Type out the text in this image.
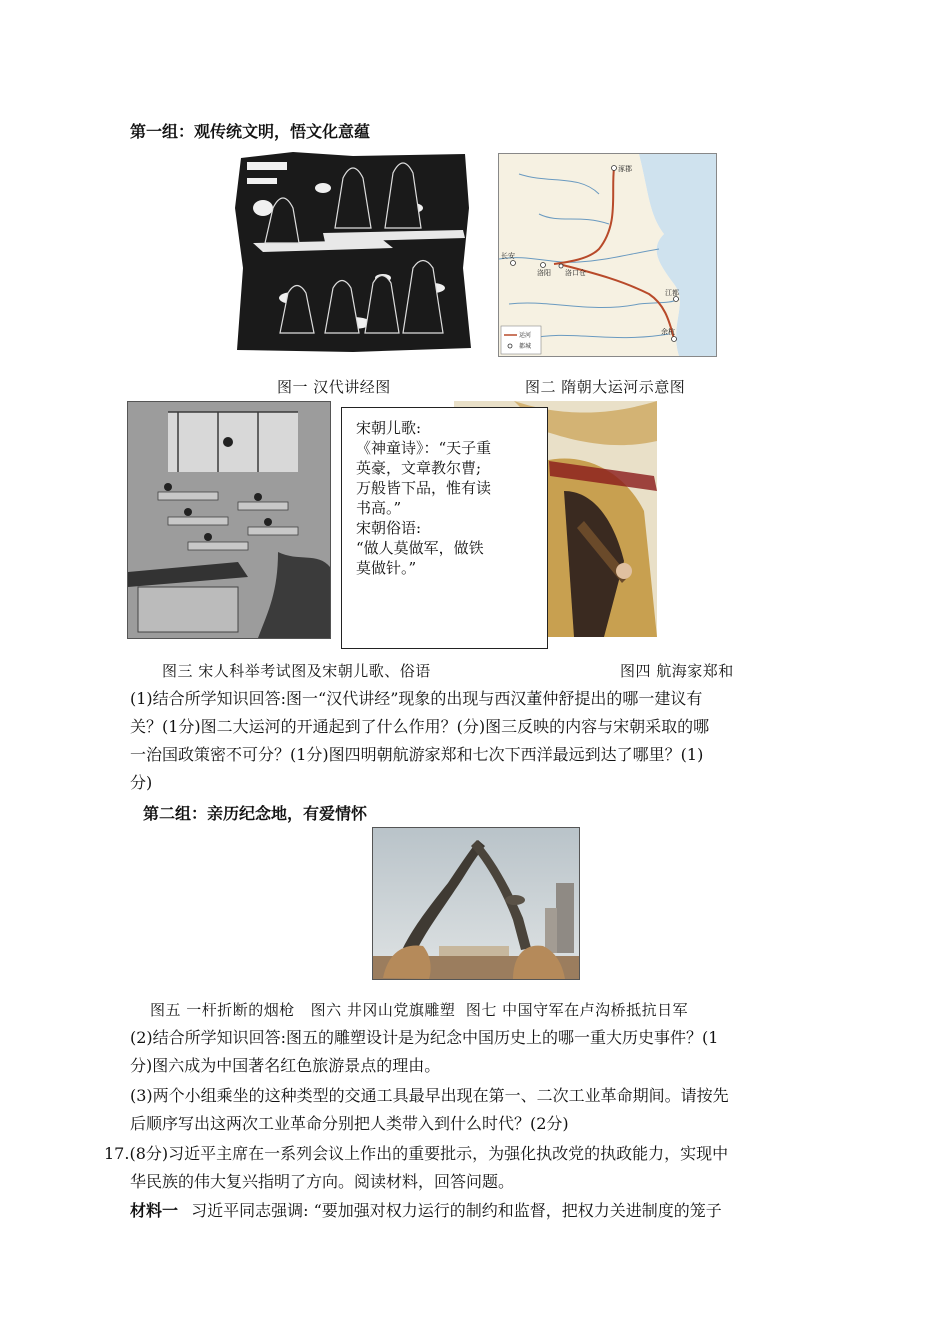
第一组：观传统文明，悟文化意蕴
涿郡
长安
洛阳 洛口仓
江都
余杭
运河
都城
图一 汉代讲经图	图二 隋朝大运河示意图
宋朝儿歌:
《神童诗》：“天子重
英豪，文章教尔曹;
万般皆下品，惟有读
书高。”
宋朝俗语:
“做人莫做军，做铁
莫做针。”
图三 宋人科举考试图及宋朝儿歌、俗语	图四 航海家郑和
(1)结合所学知识回答:图一“汉代讲经”现象的出现与西汉董仲舒提出的哪一建议有
关？(1分)图二大运河的开通起到了什么作用？(分)图三反映的内容与宋朝采取的哪
一治国政策密不可分？(1分)图四明朝航游家郑和七次下西洋最远到达了哪里？(1)
分)
第二组：亲历纪念地，有爱情怀
图五 一杆折断的烟枪   图六 井冈山党旗雕塑  图七 中国守军在卢沟桥抵抗日军
(2)结合所学知识回答:图五的雕塑设计是为纪念中国历史上的哪一重大历史事件？(1
分)图六成为中国著名红色旅游景点的理由。
(3)两个小组乘坐的这种类型的交通工具最早出现在第一、二次工业革命期间。请按先
后顺序写出这两次工业革命分别把人类带入到什么时代？(2分)
17.(8分)习近平主席在一系列会议上作出的重要批示，为强化执改党的执政能力，实现中
华民族的伟大复兴指明了方向。阅读材料，回答问题。
材料一 习近平同志强调: “要加强对权力运行的制约和监督，把权力关进制度的笼子
